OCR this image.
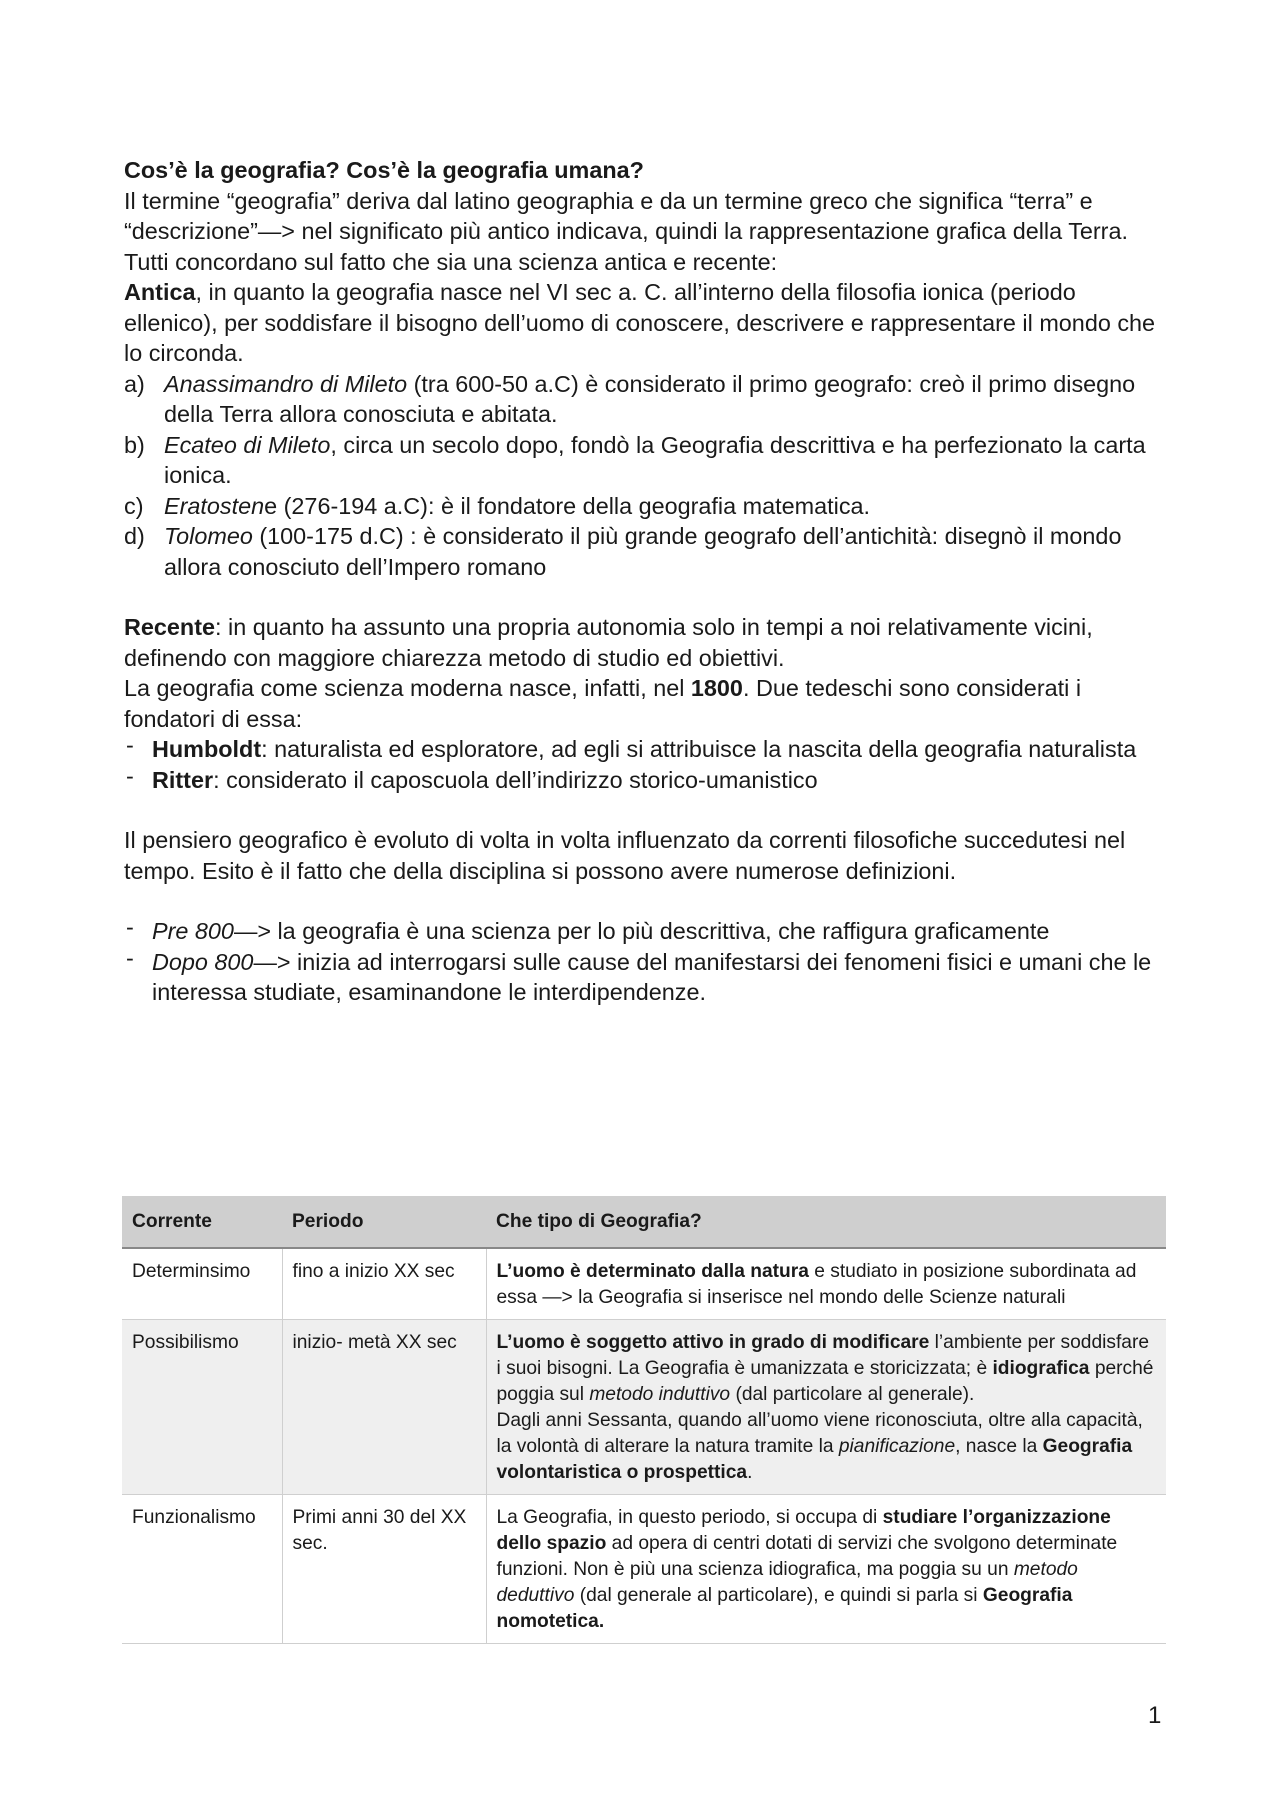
Cos’è la geografia? Cos’è la geografia umana?

Il termine “geografia” deriva dal latino geographia e da un termine greco che significa “terra” e “descrizione”—> nel significato più antico indicava, quindi la rappresentazione grafica della Terra.

Tutti concordano sul fatto che sia una scienza antica e recente:

Antica, in quanto la geografia nasce nel VI sec a. C. all’interno della filosofia ionica (periodo ellenico), per soddisfare il bisogno dell’uomo di conoscere, descrivere e rappresentare il mondo che lo circonda.

a) Anassimandro di Mileto (tra 600-50 a.C) è considerato il primo geografo: creò il primo disegno della Terra allora conosciuta e abitata.
b) Ecateo di Mileto, circa un secolo dopo, fondò la Geografia descrittiva e ha perfezionato la carta ionica.
c) Eratostene (276-194 a.C): è il fondatore della geografia matematica.
d) Tolomeo (100-175 d.C) : è considerato il più grande geografo dell’antichità: disegnò il mondo allora conosciuto dell’Impero romano

Recente: in quanto ha assunto una propria autonomia solo in tempi a noi relativamente vicini, definendo con maggiore chiarezza metodo di studio ed obiettivi.

La geografia come scienza moderna nasce, infatti, nel 1800. Due tedeschi sono considerati i fondatori di essa:

- Humboldt: naturalista ed esploratore, ad egli si attribuisce la nascita della geografia naturalista
- Ritter: considerato il caposcuola dell’indirizzo storico-umanistico

Il pensiero geografico è evoluto di volta in volta influenzato da correnti filosofiche succedutesi nel tempo. Esito è il fatto che della disciplina si possono avere numerose definizioni.

- Pre 800—> la geografia è una scienza per lo più descrittiva, che raffigura graficamente
- Dopo 800—> inizia ad interrogarsi sulle cause del manifestarsi dei fenomeni fisici e umani che le interessa studiate, esaminandone le interdipendenze.
Corrente	Periodo	Che tipo di Geografia?
Determinsimo	fino a inizio XX sec	L’uomo è determinato dalla natura e studiato in posizione subordinata ad essa —> la Geografia si inserisce nel mondo delle Scienze naturali
Possibilismo	inizio- metà XX sec	L’uomo è soggetto attivo in grado di modificare l’ambiente per soddisfare i suoi bisogni. La Geografia è umanizzata e storicizzata; è idiografica perché poggia sul metodo induttivo (dal particolare al generale).
Dagli anni Sessanta, quando all’uomo viene riconosciuta, oltre alla capacità, la volontà di alterare la natura tramite la pianificazione, nasce la Geografia volontaristica o prospettica.
Funzionalismo	Primi anni 30 del XX sec.	La Geografia, in questo periodo, si occupa di studiare l’organizzazione dello spazio ad opera di centri dotati di servizi che svolgono determinate funzioni. Non è più una scienza idiografica, ma poggia su un metodo deduttivo (dal generale al particolare), e quindi si parla si Geografia nomotetica.
1
